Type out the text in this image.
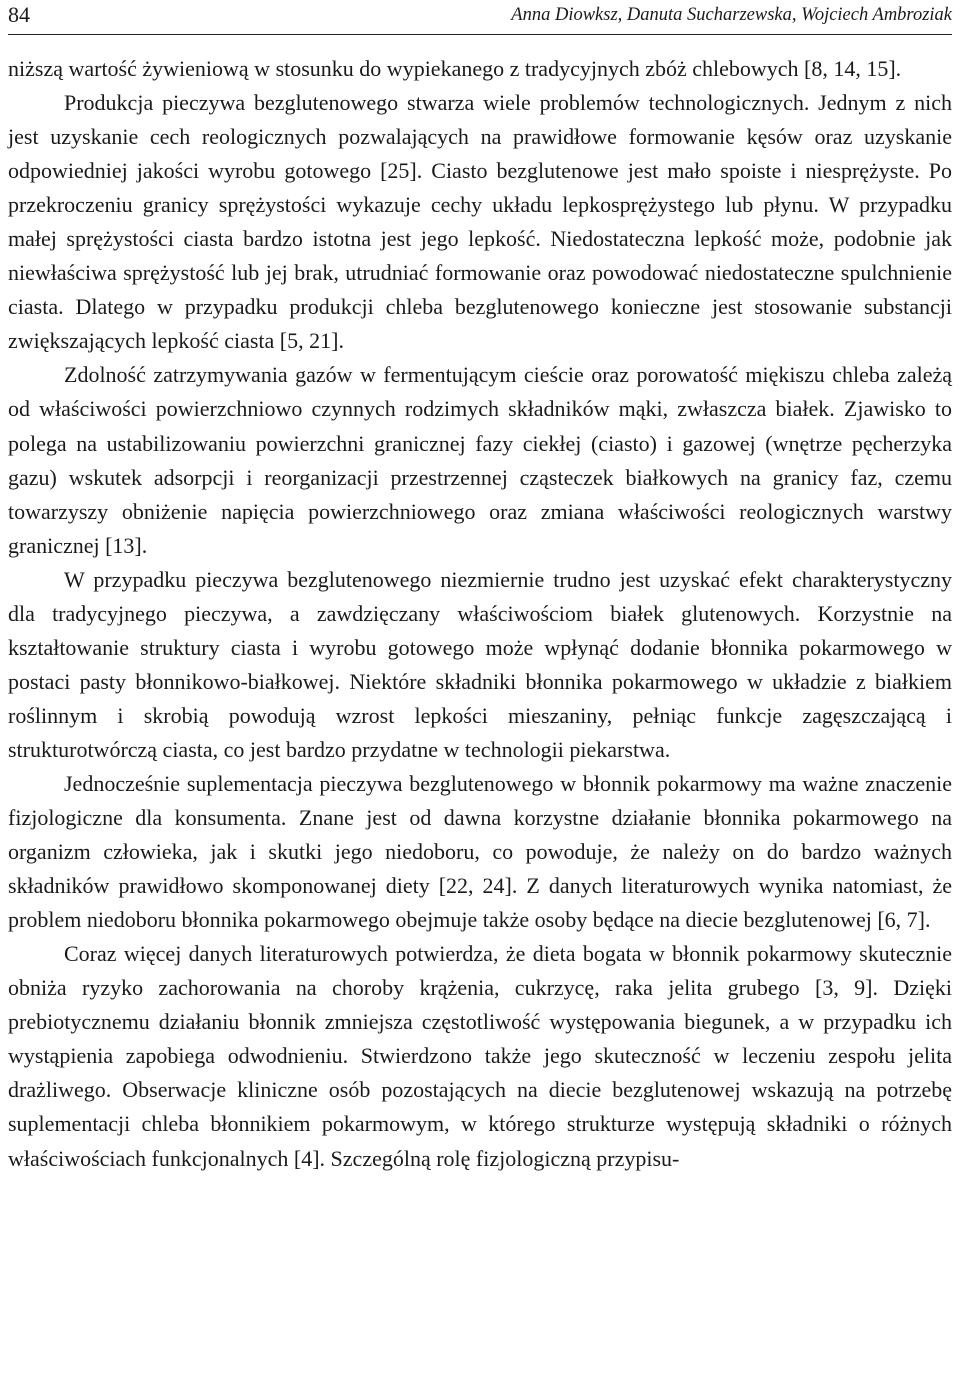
84	Anna Diowksz, Danuta Sucharzewska, Wojciech Ambroziak

niższą wartość żywieniową w stosunku do wypiekanego z tradycyjnych zbóż chlebowych [8, 14, 15].

Produkcja pieczywa bezglutenowego stwarza wiele problemów technologicznych. Jednym z nich jest uzyskanie cech reologicznych pozwalających na prawidłowe formowanie kęsów oraz uzyskanie odpowiedniej jakości wyrobu gotowego [25]. Ciasto bezglutenowe jest mało spoiste i niesprężyste. Po przekroczeniu granicy sprężystości wykazuje cechy układu lepkosprężystego lub płynu. W przypadku małej sprężystości ciasta bardzo istotna jest jego lepkość. Niedostateczna lepkość może, podobnie jak niewłaściwa sprężystość lub jej brak, utrudniać formowanie oraz powodować niedostateczne spulchnienie ciasta. Dlatego w przypadku produkcji chleba bezglutenowego konieczne jest stosowanie substancji zwiększających lepkość ciasta [5, 21].

Zdolność zatrzymywania gazów w fermentującym cieście oraz porowatość miękiszu chleba zależą od właściwości powierzchniowo czynnych rodzimych składników mąki, zwłaszcza białek. Zjawisko to polega na ustabilizowaniu powierzchni granicznej fazy ciekłej (ciasto) i gazowej (wnętrze pęcherzyka gazu) wskutek adsorpcji i reorganizacji przestrzennej cząsteczek białkowych na granicy faz, czemu towarzyszy obniżenie napięcia powierzchniowego oraz zmiana właściwości reologicznych warstwy granicznej [13].

W przypadku pieczywa bezglutenowego niezmiernie trudno jest uzyskać efekt charakterystyczny dla tradycyjnego pieczywa, a zawdzięczany właściwościom białek glutenowych. Korzystnie na kształtowanie struktury ciasta i wyrobu gotowego może wpłynąć dodanie błonnika pokarmowego w postaci pasty błonnikowo-białkowej. Niektóre składniki błonnika pokarmowego w układzie z białkiem roślinnym i skrobią powodują wzrost lepkości mieszaniny, pełniąc funkcje zagęszczającą i strukturotwórczą ciasta, co jest bardzo przydatne w technologii piekarstwa.

Jednocześnie suplementacja pieczywa bezglutenowego w błonnik pokarmowy ma ważne znaczenie fizjologiczne dla konsumenta. Znane jest od dawna korzystne działanie błonnika pokarmowego na organizm człowieka, jak i skutki jego niedoboru, co powoduje, że należy on do bardzo ważnych składników prawidłowo skomponowanej diety [22, 24]. Z danych literaturowych wynika natomiast, że problem niedoboru błonnika pokarmowego obejmuje także osoby będące na diecie bezglutenowej [6, 7].

Coraz więcej danych literaturowych potwierdza, że dieta bogata w błonnik pokarmowy skutecznie obniża ryzyko zachorowania na choroby krążenia, cukrzycę, raka jelita grubego [3, 9]. Dzięki prebiotycznemu działaniu błonnik zmniejsza częstotliwość występowania biegunek, a w przypadku ich wystąpienia zapobiega odwodnieniu. Stwierdzono także jego skuteczność w leczeniu zespołu jelita drażliwego. Obserwacje kliniczne osób pozostających na diecie bezglutenowej wskazują na potrzebę suplementacji chleba błonnikiem pokarmowym, w którego strukturze występują składniki o różnych właściwościach funkcjonalnych [4]. Szczególną rolę fizjologiczną przypisu-
